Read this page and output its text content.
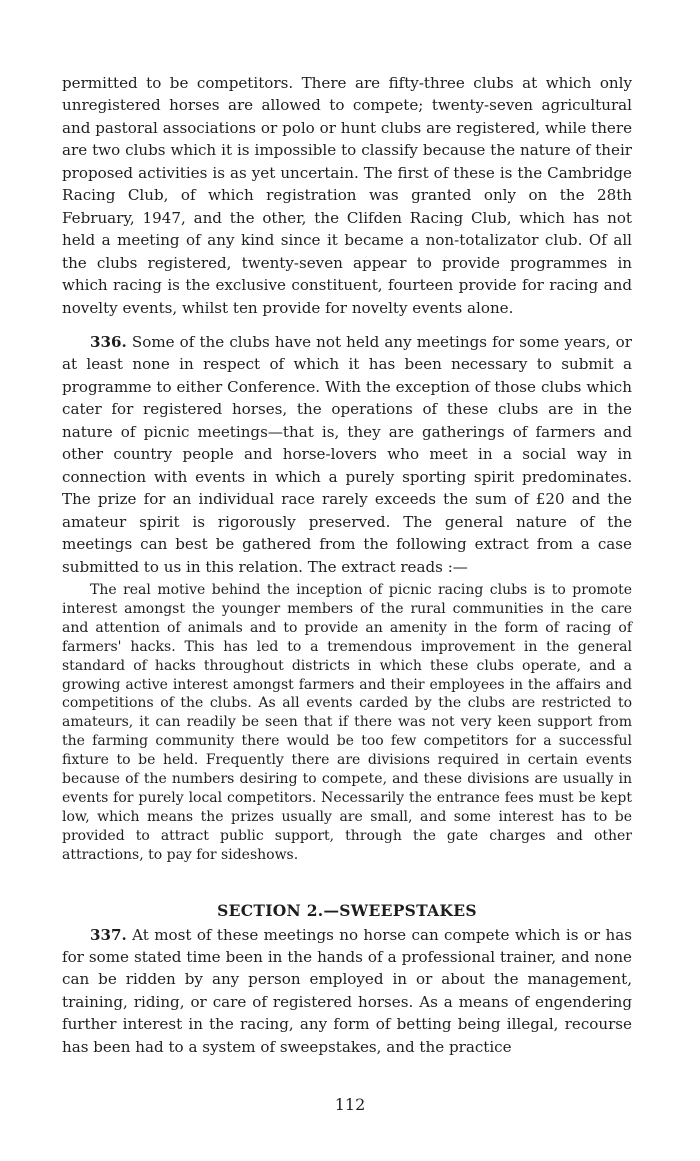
permitted to be competitors. There are fifty-three clubs at which only unregistered horses are allowed to compete; twenty-seven agricultural and pastoral associations or polo or hunt clubs are registered, while there are two clubs which it is impossible to classify because the nature of their proposed activities is as yet uncertain. The first of these is the Cambridge Racing Club, of which registration was granted only on the 28th February, 1947, and the other, the Clifden Racing Club, which has not held a meeting of any kind since it became a non-totalizator club. Of all the clubs registered, twenty-seven appear to provide programmes in which racing is the exclusive constituent, fourteen provide for racing and novelty events, whilst ten provide for novelty events alone.

336. Some of the clubs have not held any meetings for some years, or at least none in respect of which it has been necessary to submit a programme to either Conference. With the exception of those clubs which cater for registered horses, the operations of these clubs are in the nature of picnic meetings—that is, they are gatherings of farmers and other country people and horse-lovers who meet in a social way in connection with events in which a purely sporting spirit predominates. The prize for an individual race rarely exceeds the sum of £20 and the amateur spirit is rigorously preserved. The general nature of the meetings can best be gathered from the following extract from a case submitted to us in this relation. The extract reads :—

The real motive behind the inception of picnic racing clubs is to promote interest amongst the younger members of the rural communities in the care and attention of animals and to provide an amenity in the form of racing of farmers' hacks. This has led to a tremendous improvement in the general standard of hacks throughout districts in which these clubs operate, and a growing active interest amongst farmers and their employees in the affairs and competitions of the clubs. As all events carded by the clubs are restricted to amateurs, it can readily be seen that if there was not very keen support from the farming community there would be too few competitors for a successful fixture to be held. Frequently there are divisions required in certain events because of the numbers desiring to compete, and these divisions are usually in events for purely local competitors. Necessarily the entrance fees must be kept low, which means the prizes usually are small, and some interest has to be provided to attract public support, through the gate charges and other attractions, to pay for sideshows.

SECTION 2.—SWEEPSTAKES

337. At most of these meetings no horse can compete which is or has for some stated time been in the hands of a professional trainer, and none can be ridden by any person employed in or about the management, training, riding, or care of registered horses. As a means of engendering further interest in the racing, any form of betting being illegal, recourse has been had to a system of sweepstakes, and the practice

112
